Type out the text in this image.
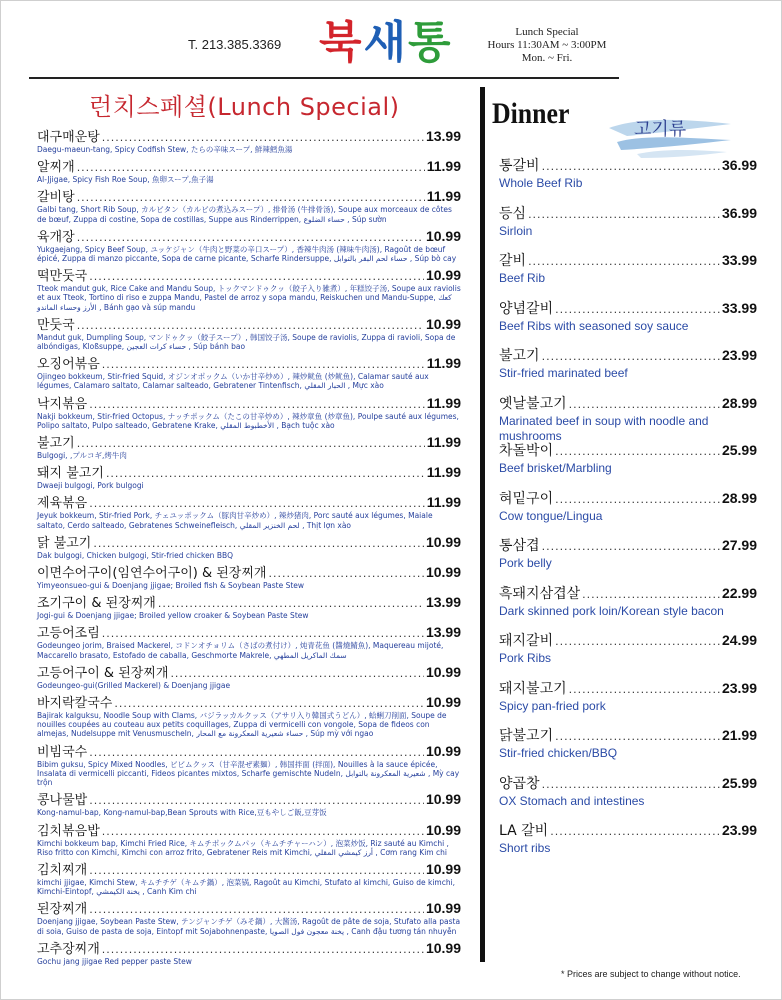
T. 213.385.3369 북새통	Lunch Special
Hours 11:30AM ~ 3:00PM
Mon. ~ Fri.
런치스페셜(Lunch Special)
대구매운탕 .....	13.99
Daegu-maeun-tang, Spicy Codfish Stew, たらの辛味スープ, 鮮辣鱈魚湯
알찌개 .....	11.99
Al-Jjigae, Spicy Fish Roe Soup, 魚卵スープ,魚子湯
갈비탕 .....	11.99
Galbi tang, Short Rib Soup, カルビタン（カルビの煮込みスープ）, 排骨汤 (牛排骨汤), Soupe aux morceaux de côtes de bœuf, Zuppa di costine, Sopa de costillas, Suppe aus Rinderrippen, حساء الضلوع , Súp sườn
육개장 .....	10.99
Yukgaejang, Spicy Beef Soup, ユッケジャン（牛肉と野菜の辛口スープ）, 香辣牛肉汤 (辣味牛肉汤), Ragoût de bœuf épicé, Zuppa di manzo piccante, Sopa de carne picante, Scharfe Rindersuppe, حساء لحم البقر بالتوابل , Súp bò cay
떡만둣국 .....	10.99
Tteok mandut guk, Rice Cake and Mandu Soup, トックマンドゥクッ（餃子入り雑煮）, 年糕饺子汤, Soupe aux raviolis et aux Tteok, Tortino di riso e zuppa Mandu, Pastel de arroz y sopa mandu, Reiskuchen und Mandu-Suppe, كعك الأرز وحساء الماندو , Bánh gạo và súp mandu
만둣국 .....	10.99
Mandut guk, Dumpling Soup, マンドゥクッ（餃子スープ）, 韩国饺子汤, Soupe de raviolis, Zuppa di ravioli, Sopa de albóndigas, Kloßsuppe, حساء كرات العجين , Súp bánh bao
오징어볶음 .....	11.99
Ojingeo bokkeum, Stir-fried Squid, オジンオポックム（いか甘辛炒め）, 辣炒鱿鱼 (炒鱿鱼), Calamar sauté aux légumes, Calamaro saltato, Calamar salteado, Gebratener Tintenfisch, الحبار المقلي , Mực xào
낙지볶음 .....	11.99
Nakji bokkeum, Stir-fried Octopus, ナッチポックム（たこの甘辛炒め）, 辣炒章鱼 (炒章鱼), Poulpe sauté aux légumes, Polipo saltato, Pulpo salteado, Gebratene Krake, الأخطبوط المقلي , Bạch tuộc xào
불고기 .....	11.99
Bulgogi, ,プルコギ,烤牛肉
돼지 불고기 .....	11.99
Dwaeji bulgogi, Pork bulgogi
제육볶음 .....	11.99
Jeyuk bokkeum, Stir-fried Pork, チェユッポックム（豚肉甘辛炒め）, 辣炒猪肉, Porc sauté aux légumes, Maiale saltato, Cerdo salteado, Gebratenes Schweinefleisch, لحم الخنزير المقلي , Thịt lợn xào
닭 불고기 .....	10.99
Dak bulgogi, Chicken bulgogi, Stir-fried chicken BBQ
이면수어구이(임연수어구이) & 된장찌개 .....	10.99
Yimyeonsueo-gui & Doenjang jjigae; Broiled fish & Soybean Paste Stew
조기구이 & 된장찌개 .....	13.99
Jogi-gui & Doenjang jjigae; Broiled yellow croaker & Soybean Paste Stew
고등어조림 .....	13.99
Godeungeo jorim, Braised Mackerel, コドンオチョリム（さばの煮付け）, 炖青花鱼 (醬燒鯖魚), Maquereau mijoté, Maccarello brasato, Estofado de caballa, Geschmorte Makrele, سمك الماكريل المطهي
고등어구이 & 된장찌개 .....	10.99
Godeungeo-gui(Grilled Mackerel) & Doenjang jjigae
바지락칼국수 .....	10.99
Bajirak kalguksu, Noodle Soup with Clams, バジラッカルクッス（アサリ入り韓国式うどん）, 蛤蜊刀削面, Soupe de nouilles coupées au couteau aux petits coquillages, Zuppa di vermicelli con vongole, Sopa de fideos con almejas, Nudelsuppe mit Venusmuscheln, حساء شعيرية المعكرونة مع المحار , Súp mỳ với ngao
비빔국수 .....	10.99
Bibim guksu, Spicy Mixed Noodles, ビビムクッス（甘辛混ぜ素麺）, 韩国拌面 (拌面), Nouilles à la sauce épicée, Insalata di vermicelli piccanti, Fideos picantes mixtos, Scharfe gemischte Nudeln, شعيرية المعكرونة بالتوابل , Mỳ cay trộn
콩나물밥 .....	10.99
Kong-namul-bap, Kong-namul-bap,Bean Sprouts with Rice,豆もやしご飯,豆芽饭
김치볶음밥 .....	10.99
Kimchi bokkeum bap, Kimchi Fried Rice, キムチポックムパッ（キムチチャーハン）, 泡菜炒饭, Riz sauté au Kimchi , Riso fritto con Kimchi, Kimchi con arroz frito, Gebratener Reis mit Kimchi, أرز كيمشي المقلي , Cơm rang Kim chi
김치찌개 .....	10.99
kimchi jjigae, Kimchi Stew, キムチチゲ（キムチ鍋）, 泡菜锅, Ragoût au Kimchi, Stufato al kimchi, Guiso de kimchi, Kimchi-Eintopf, يخنة الكيمشي , Canh Kim chi
된장찌개 .....	10.99
Doenjang jjigae, Soybean Paste Stew, テンジャンチゲ（みそ鍋）, 大酱汤, Ragoût de pâte de soja, Stufato alla pasta di soia, Guiso de pasta de soja, Eintopf mit Sojabohnenpaste, يخنة معجون فول الصويا , Canh đậu tương tán nhuyễn
고추장찌개 .....	10.99
Gochu jang jjigae Red pepper paste Stew
Dinner	고기류
통갈비 .....	36.99
Whole Beef Rib
등심 .....	36.99
Sirloin
갈비 .....	33.99
Beef Rib
양념갈비 .....	33.99
Beef Ribs with seasoned soy sauce
불고기 .....	23.99
Stir-fried marinated beef
옛날불고기 .....	28.99
Marinated beef in soup with noodle and mushrooms
차돌박이 .....	25.99
Beef brisket/Marbling
혀밑구이 .....	28.99
Cow tongue/Lingua
통삼겹 .....	27.99
Pork belly
흑돼지삼겹살 .....	22.99
Dark skinned pork loin/Korean style bacon
돼지갈비 .....	24.99
Pork Ribs
돼지불고기 .....	23.99
Spicy pan-fried pork
닭불고기 .....	21.99
Stir-fried chicken/BBQ
양곱창 .....	25.99
OX Stomach and intestines
LA 갈비 .....	23.99
Short ribs
* Prices are subject to change without notice.
